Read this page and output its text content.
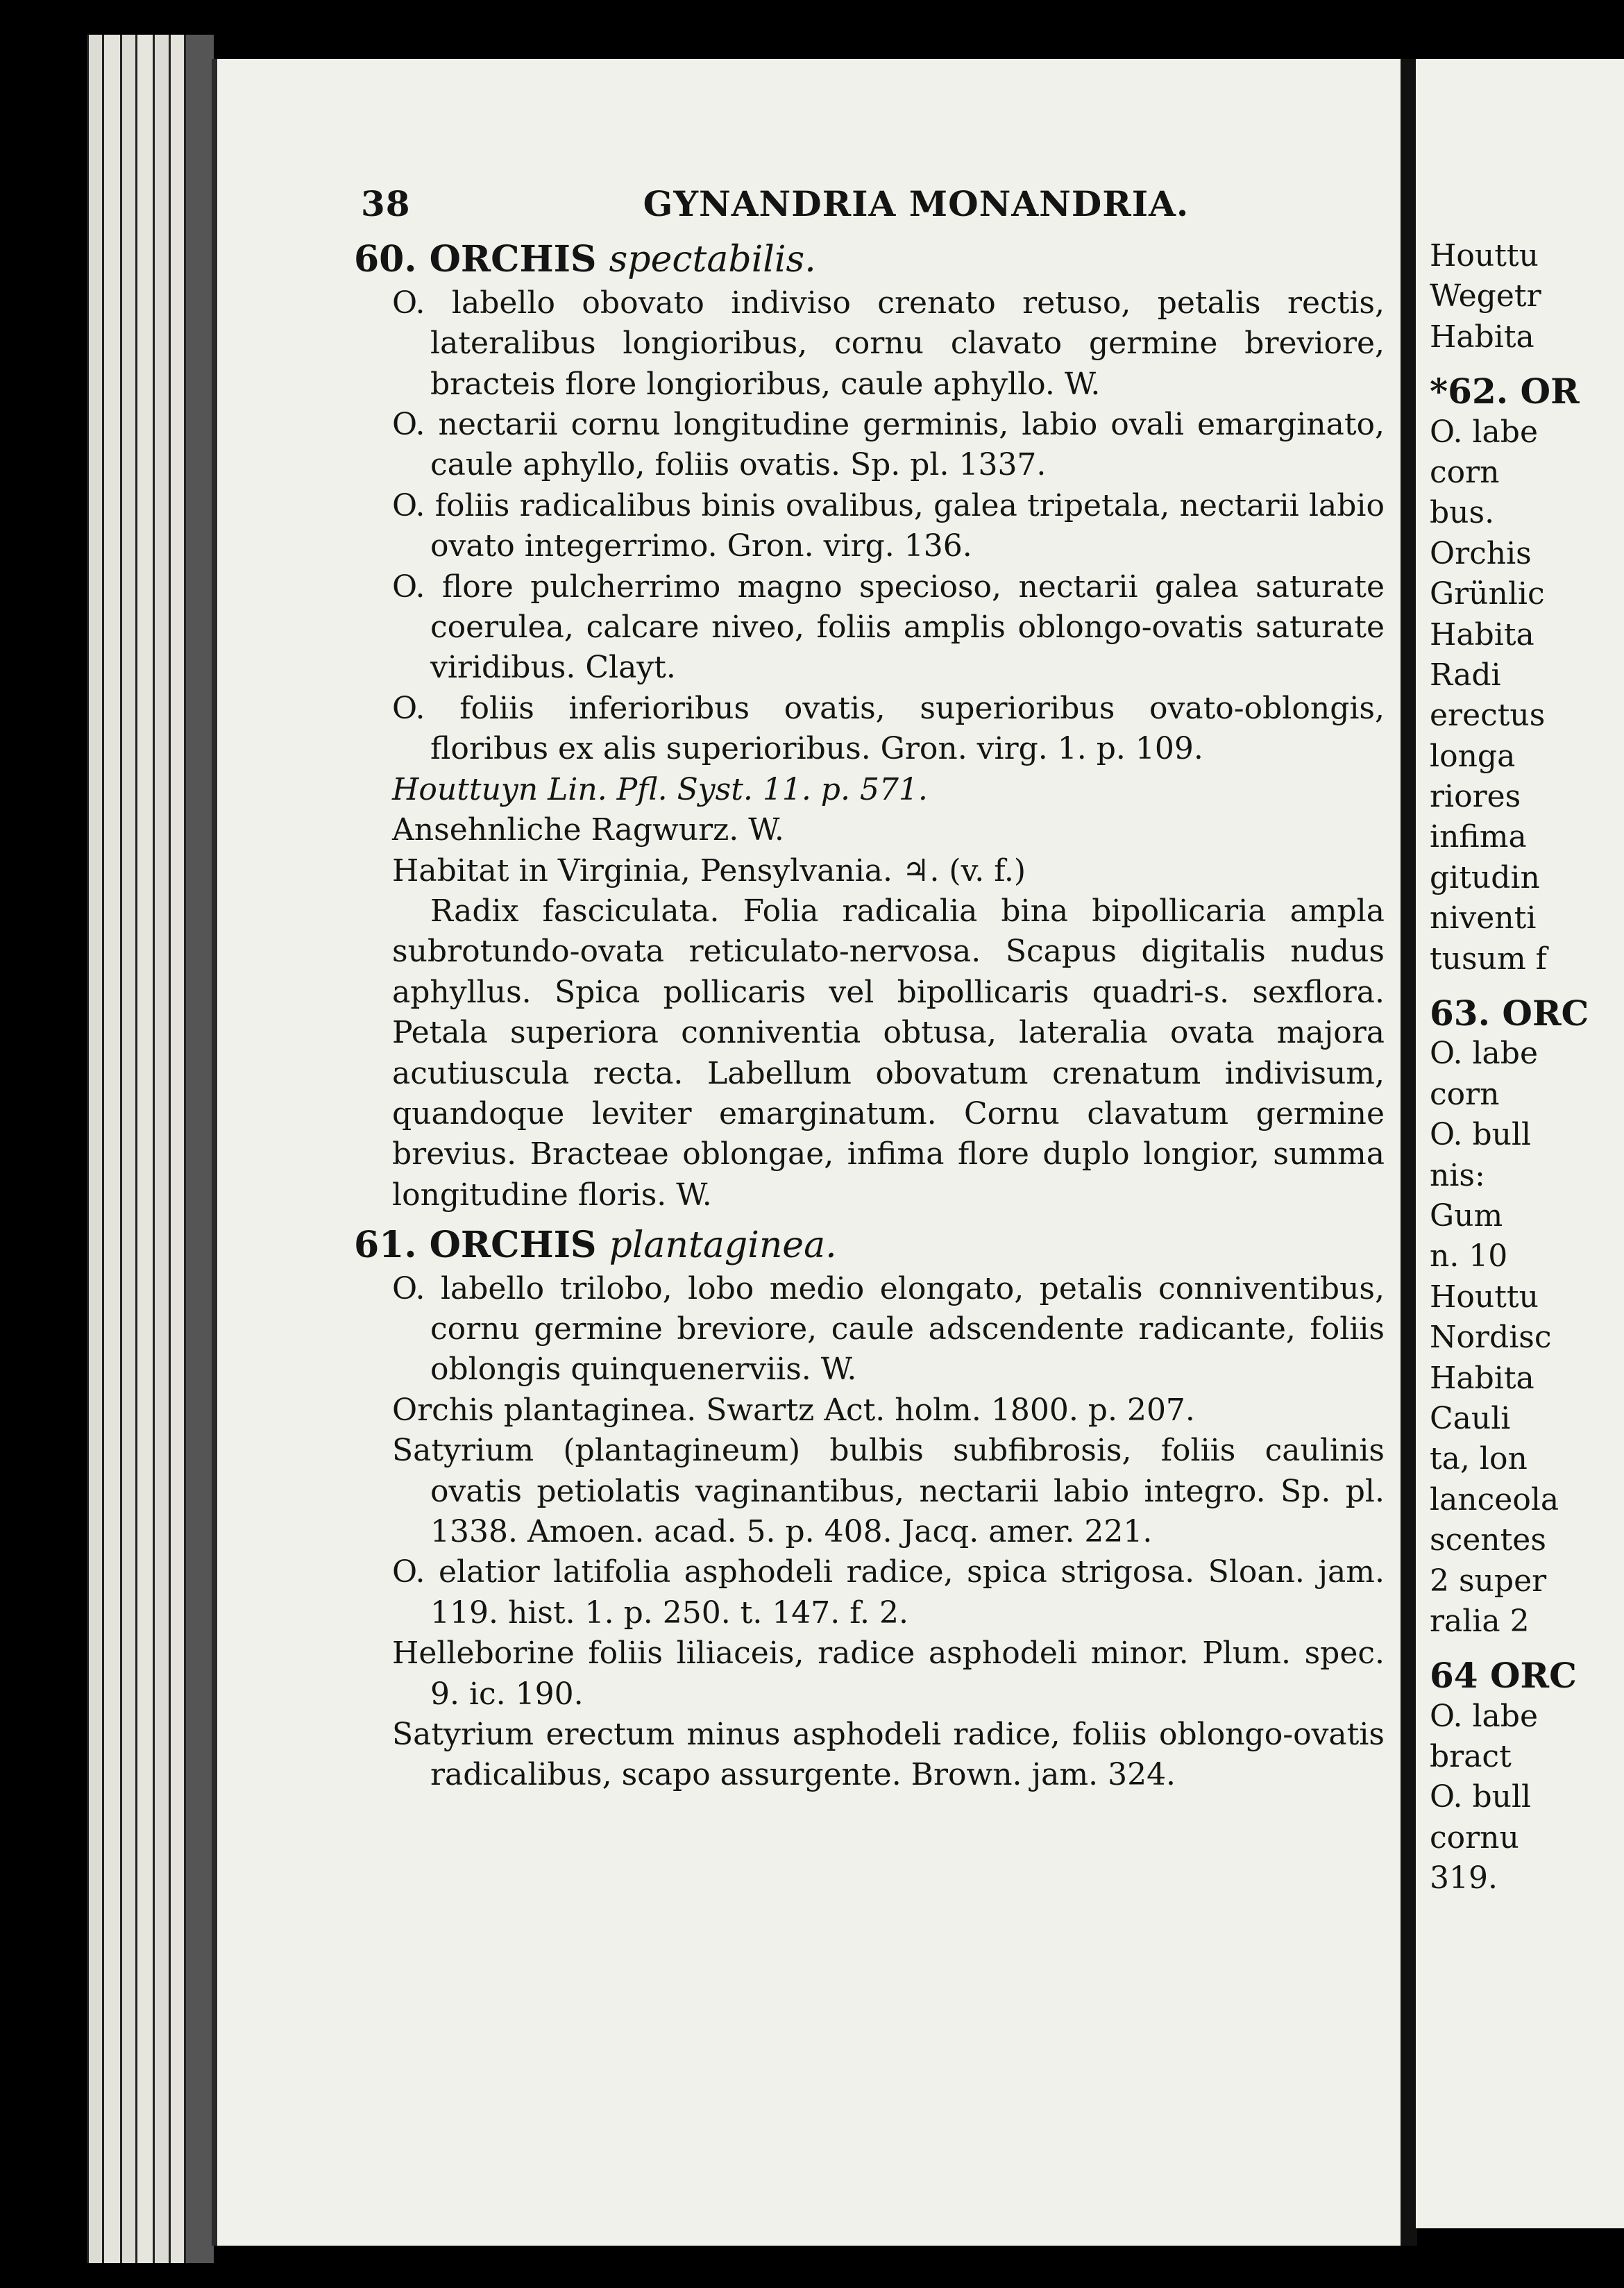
38	GYNANDRIA MONANDRIA.
60. ORCHIS spectabilis.

O. labello obovato indiviso crenato retuso, petalis rectis, lateralibus longioribus, cornu clavato germine breviore, bracteis flore longioribus, caule aphyllo. W.

O. nectarii cornu longitudine germinis, labio ovali emarginato, caule aphyllo, foliis ovatis. Sp. pl. 1337.

O. foliis radicalibus binis ovalibus, galea tripetala, nectarii labio ovato integerrimo. Gron. virg. 136.

O. flore pulcherrimo magno specioso, nectarii galea saturate coerulea, calcare niveo, foliis amplis oblongo-ovatis saturate viridibus. Clayt.

O. foliis inferioribus ovatis, superioribus ovato-oblongis, floribus ex alis superioribus. Gron. virg. 1. p. 109.

Houttuyn Lin. Pfl. Syst. 11. p. 571.

Ansehnliche Ragwurz. W.

Habitat in Virginia, Pensylvania. ♃. (v. f.)

Radix fasciculata. Folia radicalia bina bipollicaria ampla subrotundo-ovata reticulato-nervosa. Scapus digitalis nudus aphyllus. Spica pollicaris vel bipollicaris quadri-s. sexflora. Petala superiora conniventia obtusa, lateralia ovata majora acutiuscula recta. Labellum obovatum crenatum indivisum, quandoque leviter emarginatum. Cornu clavatum germine brevius. Bracteae oblongae, infima flore duplo longior, summa longitudine floris. W.

61. ORCHIS plantaginea.

O. labello trilobo, lobo medio elongato, petalis conniventibus, cornu germine breviore, caule adscendente radicante, foliis oblongis quinquenerviis. W.

Orchis plantaginea. Swartz Act. holm. 1800. p. 207.

Satyrium (plantagineum) bulbis subfibrosis, foliis caulinis ovatis petiolatis vaginantibus, nectarii labio integro. Sp. pl. 1338. Amoen. acad. 5. p. 408. Jacq. amer. 221.

O. elatior latifolia asphodeli radice, spica strigosa. Sloan. jam. 119. hist. 1. p. 250. t. 147. f. 2.

Helleborine foliis liliaceis, radice asphodeli minor. Plum. spec. 9. ic. 190.

Satyrium erectum minus asphodeli radice, foliis oblongo-ovatis radicalibus, scapo assurgente. Brown. jam. 324.

Houttu
Wegetr
Habita
*62. OR
O. labe
corn
bus.
Orchis
Grünlic
Habita
Radi
erectus
longa
riores
infima
gitudin
niventi
tusum f
63. ORC
O. labe
corn
O. bull
nis:
Gum
n. 10
Houttu
Nordisc
Habita
Cauli
ta, lon
lanceola
scentes
2 super
ralia 2
64 ORC
O. labe
bract
O. bull
cornu
319.
